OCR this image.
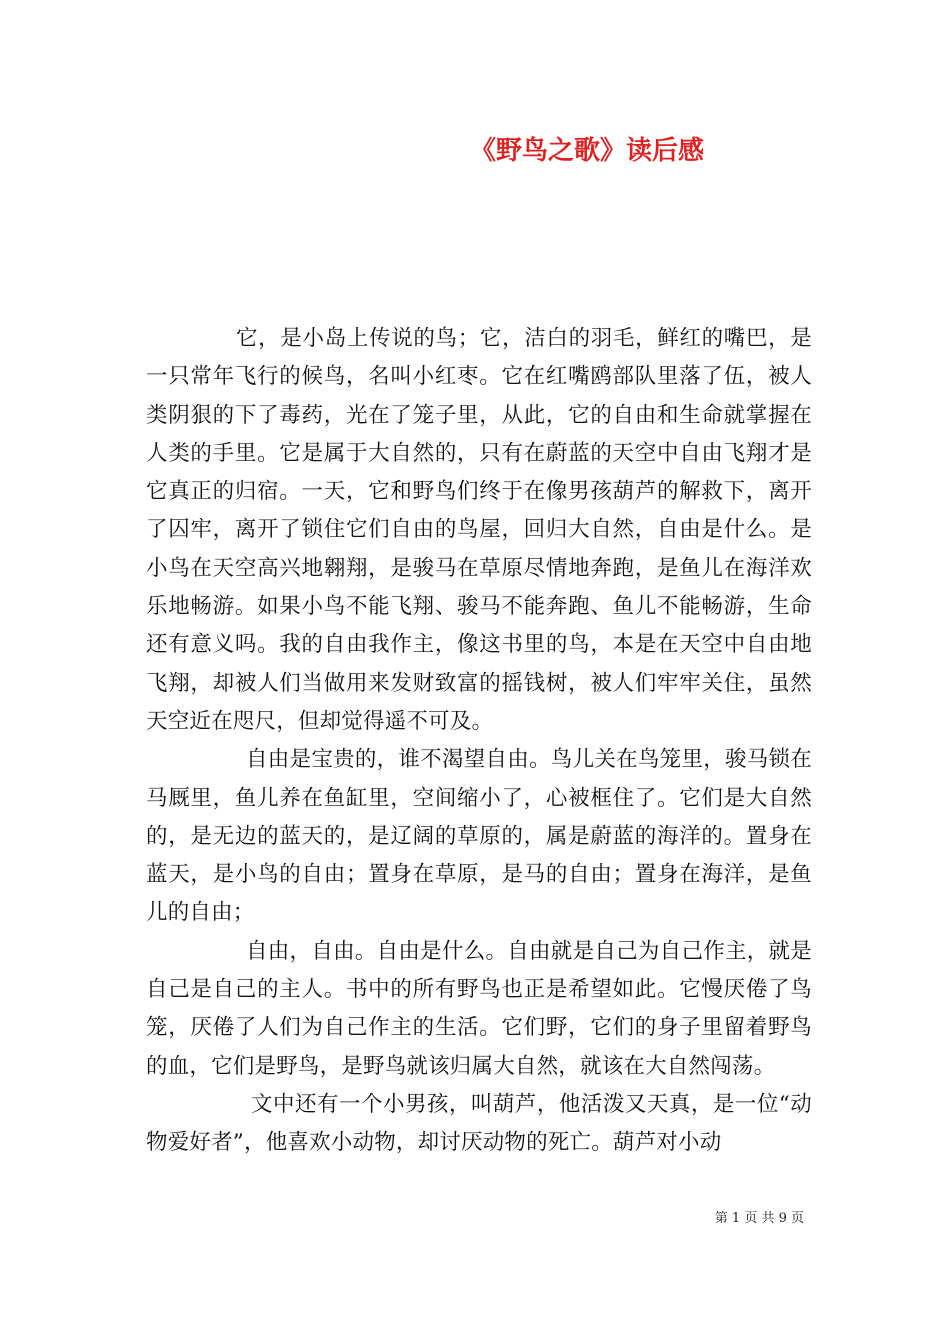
《野鸟之歌》读后感

它，是小岛上传说的鸟；它，洁白的羽毛，鲜红的嘴巴，是一只常年飞行的候鸟，名叫小红枣。它在红嘴鸥部队里落了伍，被人类阴狠的下了毒药，光在了笼子里，从此，它的自由和生命就掌握在人类的手里。它是属于大自然的，只有在蔚蓝的天空中自由飞翔才是它真正的归宿。一天，它和野鸟们终于在像男孩葫芦的解救下，离开了囚牢，离开了锁住它们自由的鸟屋，回归大自然，自由是什么。是小鸟在天空高兴地翱翔，是骏马在草原尽情地奔跑，是鱼儿在海洋欢乐地畅游。如果小鸟不能飞翔、骏马不能奔跑、鱼儿不能畅游，生命还有意义吗。我的自由我作主，像这书里的鸟，本是在天空中自由地飞翔，却被人们当做用来发财致富的摇钱树，被人们牢牢关住，虽然天空近在咫尺，但却觉得遥不可及。

自由是宝贵的，谁不渴望自由。鸟儿关在鸟笼里，骏马锁在马厩里，鱼儿养在鱼缸里，空间缩小了，心被框住了。它们是大自然的，是无边的蓝天的，是辽阔的草原的，属是蔚蓝的海洋的。置身在蓝天，是小鸟的自由；置身在草原，是马的自由；置身在海洋，是鱼儿的自由；

自由，自由。自由是什么。自由就是自己为自己作主，就是自己是自己的主人。书中的所有野鸟也正是希望如此。它慢厌倦了鸟笼，厌倦了人们为自己作主的生活。它们野，它们的身子里留着野鸟的血，它们是野鸟，是野鸟就该归属大自然，就该在大自然闯荡。

文中还有一个小男孩，叫葫芦，他活泼又天真，是一位“动物爱好者”，他喜欢小动物，却讨厌动物的死亡。葫芦对小动

第 1 页 共 9 页
